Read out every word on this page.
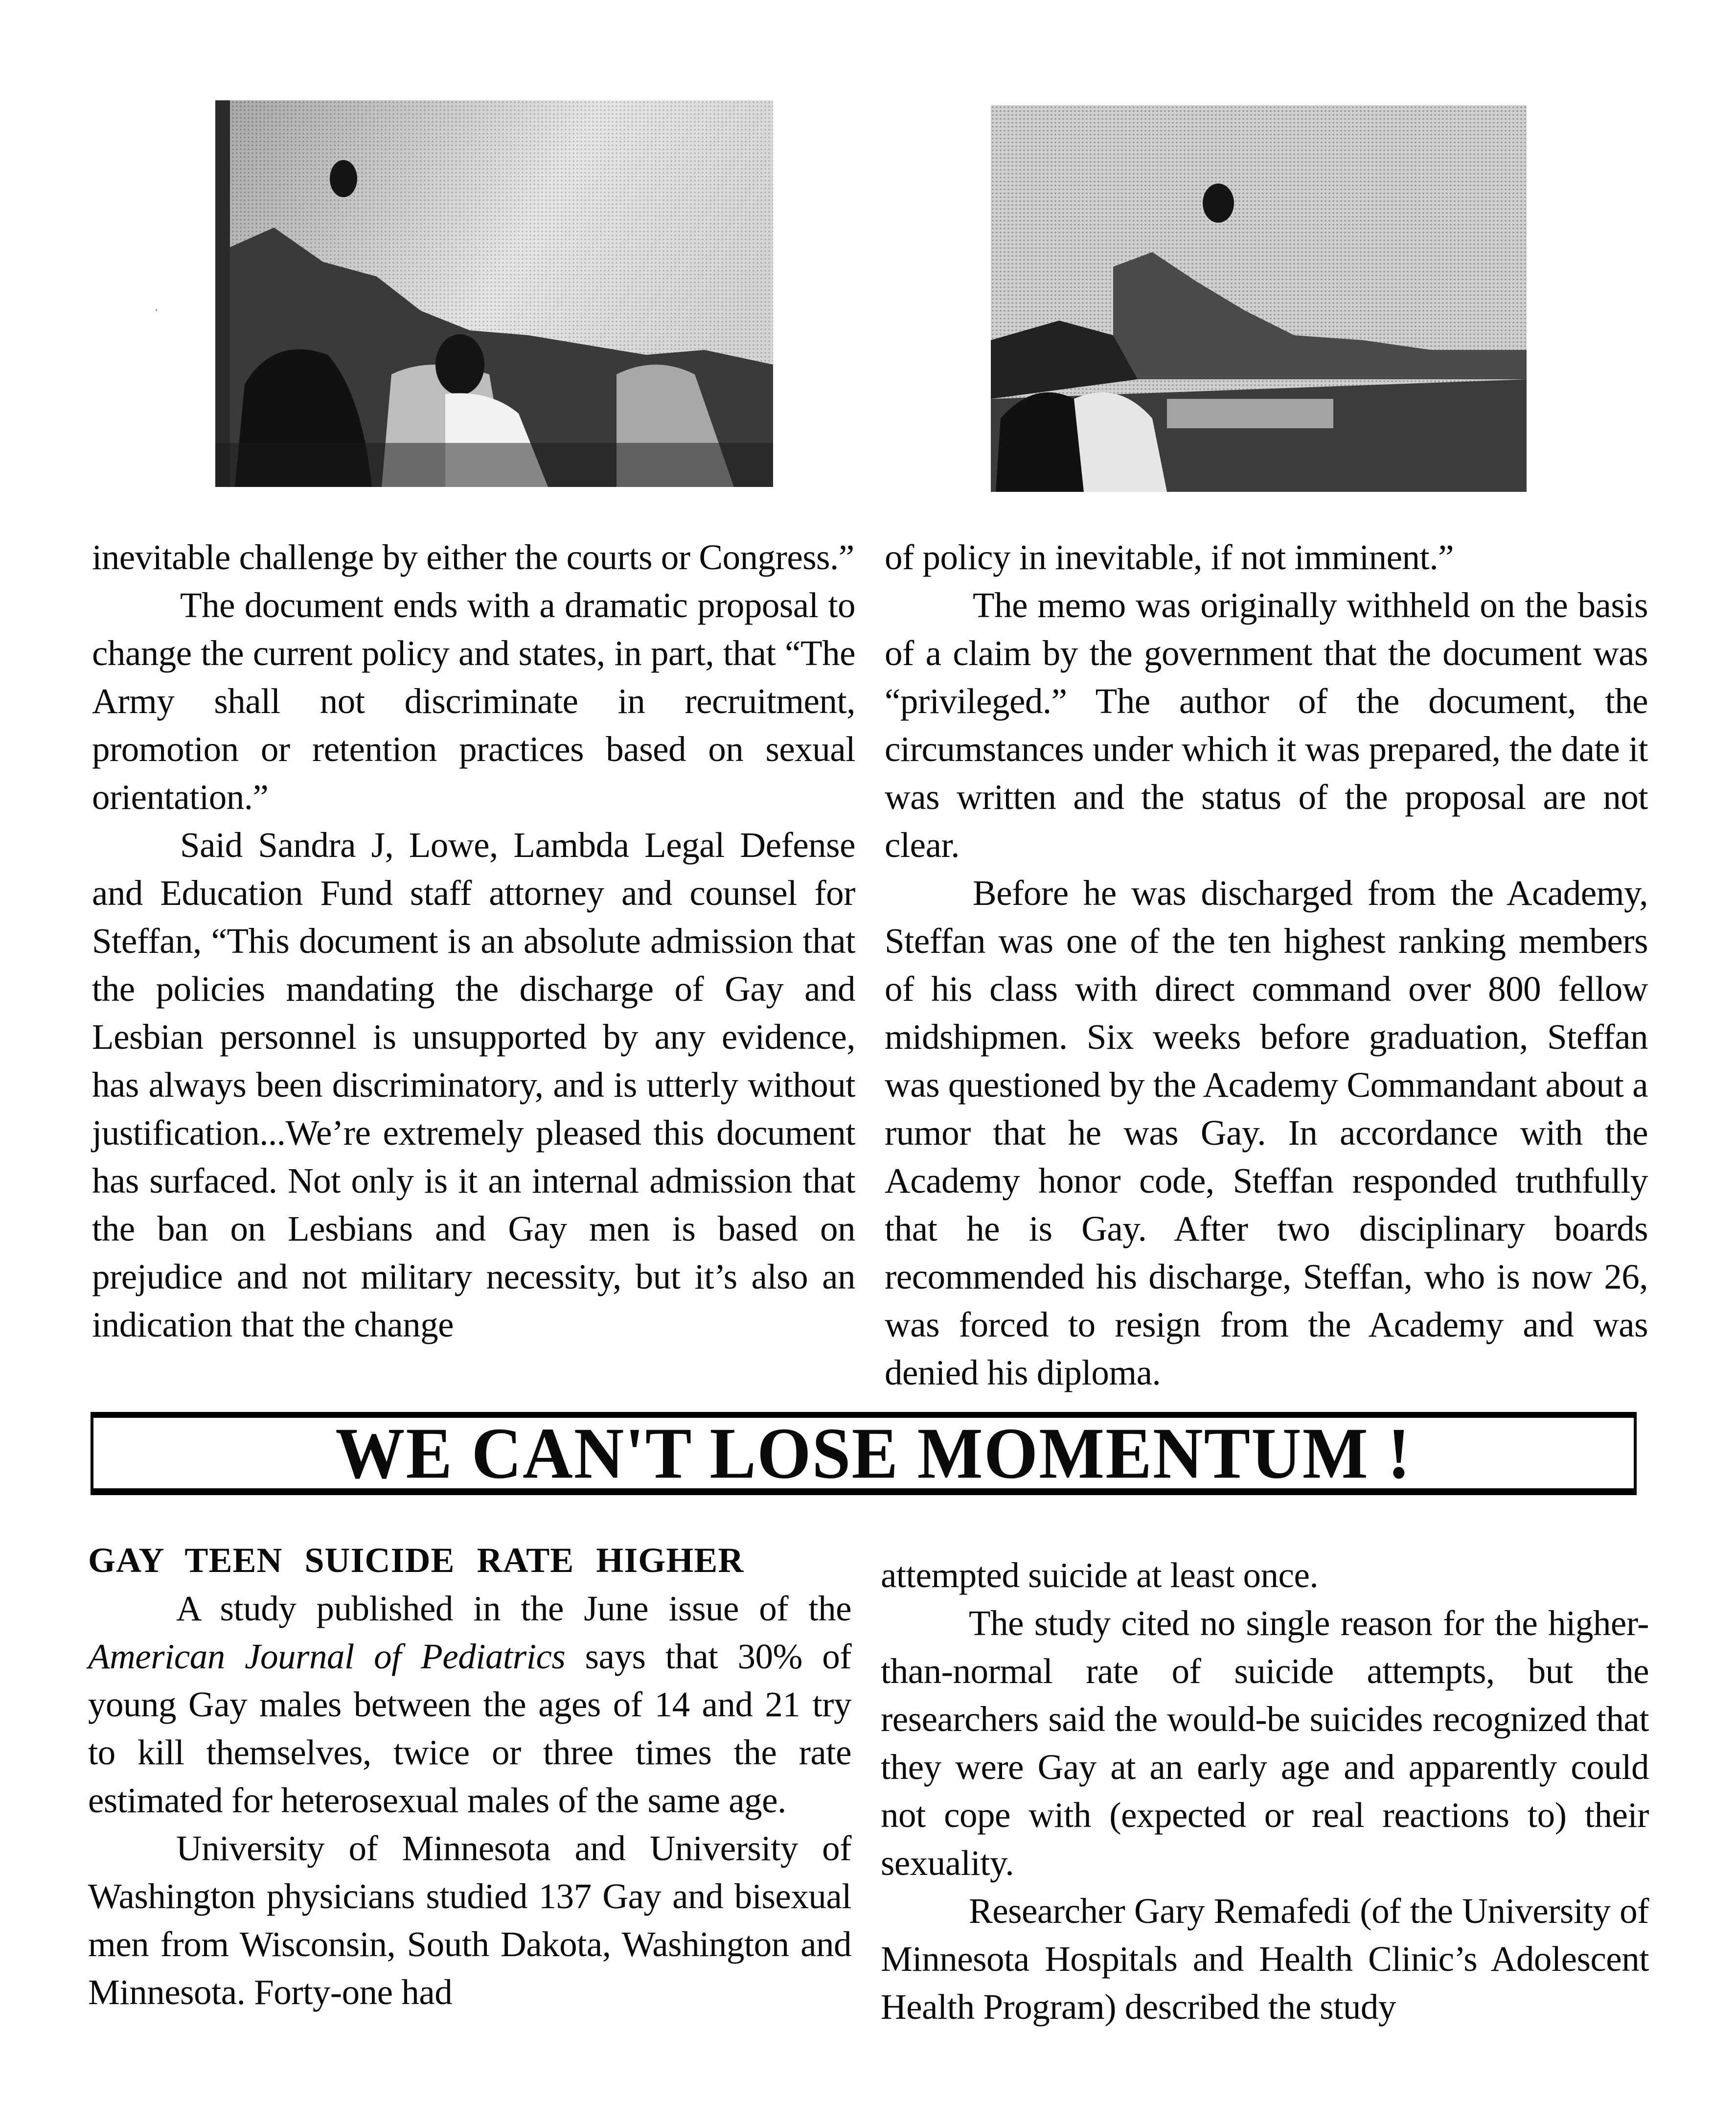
inevitable challenge by either the courts or Congress.”

The document ends with a dramatic proposal to change the current policy and states, in part, that “The Army shall not discriminate in recruitment, promotion or retention practices based on sexual orientation.”

Said Sandra J, Lowe, Lambda Legal Defense and Education Fund staff attorney and counsel for Steffan, “This document is an absolute admission that the policies mandating the discharge of Gay and Lesbian personnel is unsupported by any evidence, has always been discriminatory, and is utterly without justification...We’re extremely pleased this document has surfaced. Not only is it an internal admission that the ban on Lesbians and Gay men is based on prejudice and not military necessity, but it’s also an indication that the change

of policy in inevitable, if not imminent.”

The memo was originally withheld on the basis of a claim by the government that the document was “privileged.” The author of the document, the circumstances under which it was prepared, the date it was written and the status of the proposal are not clear.

Before he was discharged from the Academy, Steffan was one of the ten highest ranking members of his class with direct command over 800 fellow midshipmen. Six weeks before graduation, Steffan was questioned by the Academy Commandant about a rumor that he was Gay. In accordance with the Academy honor code, Steffan responded truthfully that he is Gay. After two disciplinary boards recommended his discharge, Steffan, who is now 26, was forced to resign from the Academy and was denied his diploma.

WE CAN'T LOSE MOMENTUM !
GAY TEEN SUICIDE RATE HIGHER

A study published in the June issue of the American Journal of Pediatrics says that 30% of young Gay males between the ages of 14 and 21 try to kill themselves, twice or three times the rate estimated for heterosexual males of the same age.

University of Minnesota and University of Washington physicians studied 137 Gay and bisexual men from Wisconsin, South Dakota, Washington and Minnesota. Forty-one had

attempted suicide at least once.

The study cited no single reason for the higher-than-normal rate of suicide attempts, but the researchers said the would-be suicides recognized that they were Gay at an early age and apparently could not cope with (expected or real reactions to) their sexuality.

Researcher Gary Remafedi (of the University of Minnesota Hospitals and Health Clinic’s Adolescent Health Program) described the study
